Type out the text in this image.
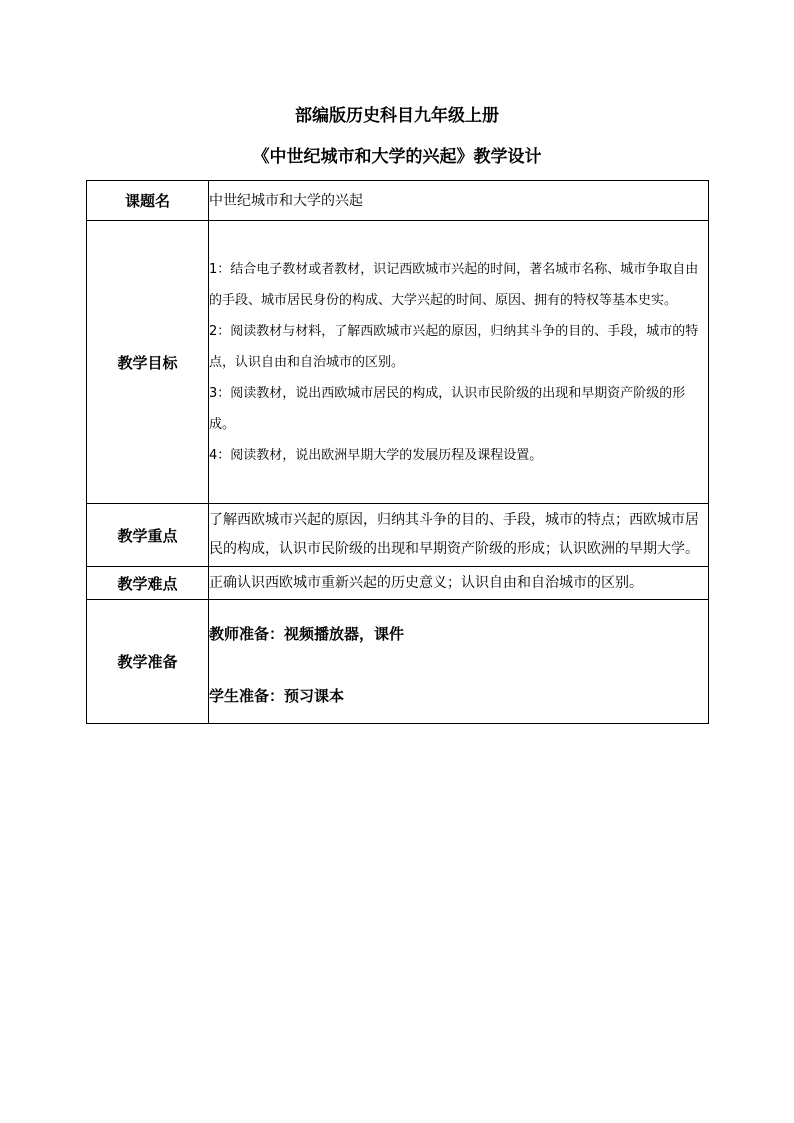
部编版历史科目九年级上册
《中世纪城市和大学的兴起》教学设计
课题名	中世纪城市和大学的兴起
教学目标	1：结合电子教材或者教材，识记西欧城市兴起的时间，著名城市名称、城市争取自由的手段、城市居民身份的构成、大学兴起的时间、原因、拥有的特权等基本史实。

2：阅读教材与材料，了解西欧城市兴起的原因，归纳其斗争的目的、手段，城市的特点，认识自由和自治城市的区别。

3：阅读教材，说出西欧城市居民的构成，认识市民阶级的出现和早期资产阶级的形成。

4：阅读教材，说出欧洲早期大学的发展历程及课程设置。

教学重点	了解西欧城市兴起的原因，归纳其斗争的目的、手段，城市的特点；西欧城市居民的构成，认识市民阶级的出现和早期资产阶级的形成；认识欧洲的早期大学。
教学难点	正确认识西欧城市重新兴起的历史意义；认识自由和自治城市的区别。
教学准备	教师准备：视频播放器，课件
学生准备：预习课本
